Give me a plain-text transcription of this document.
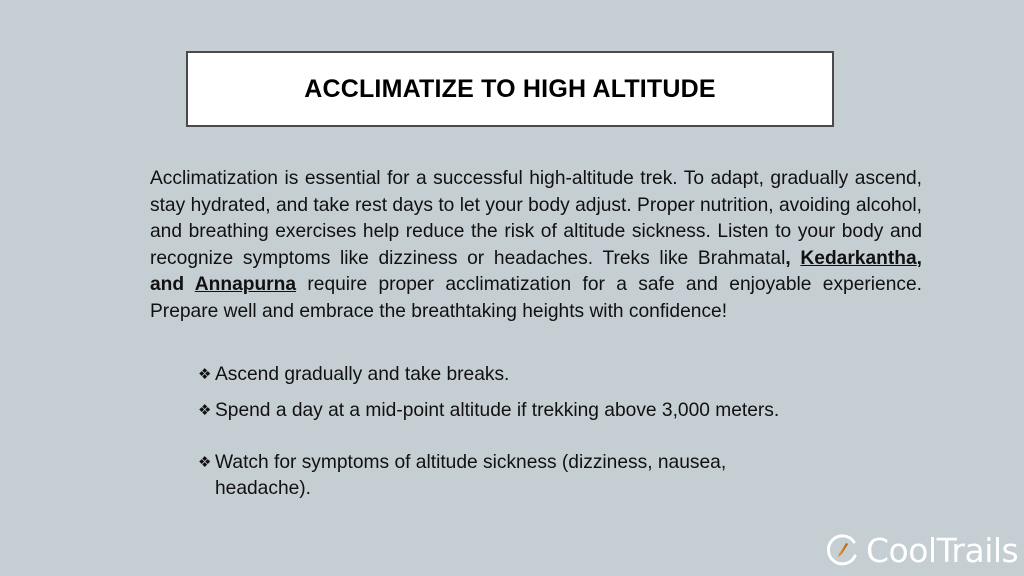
ACCLIMATIZE TO HIGH ALTITUDE

Acclimatization is essential for a successful high-altitude trek. To adapt, gradually ascend, stay hydrated, and take rest days to let your body adjust. Proper nutrition, avoiding alcohol, and breathing exercises help reduce the risk of altitude sickness. Listen to your body and recognize symptoms like dizziness or headaches. Treks like Brahmatal, Kedarkantha, and Annapurna require proper acclimatization for a safe and enjoyable experience. Prepare well and embrace the breathtaking heights with confidence!

❖ Ascend gradually and take breaks.
❖ Spend a day at a mid-point altitude if trekking above 3,000 meters.
❖ Watch for symptoms of altitude sickness (dizziness, nausea, headache).
CoolTrails
